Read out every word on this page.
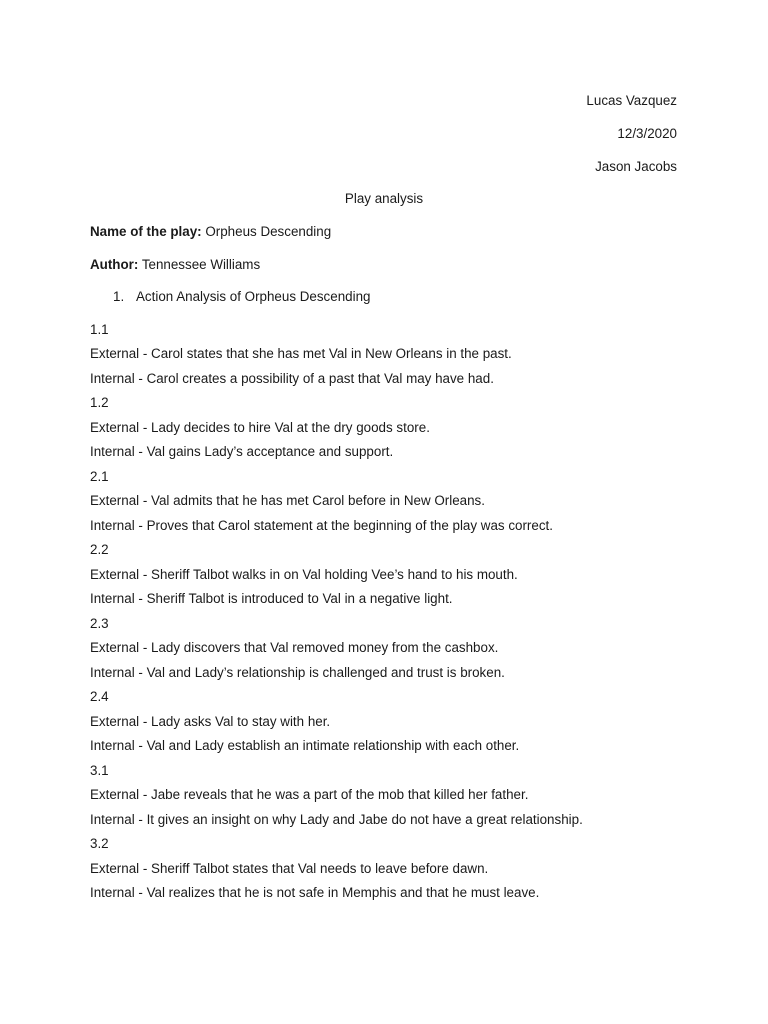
Lucas Vazquez
12/3/2020
Jason Jacobs
Play analysis
Name of the play: Orpheus Descending
Author: Tennessee Williams
1. Action Analysis of Orpheus Descending
1.1
External - Carol states that she has met Val in New Orleans in the past.
Internal - Carol creates a possibility of a past that Val may have had.
1.2
External - Lady decides to hire Val at the dry goods store.
Internal - Val gains Lady’s acceptance and support.
2.1
External - Val admits that he has met Carol before in New Orleans.
Internal - Proves that Carol statement at the beginning of the play was correct.
2.2
External - Sheriff Talbot walks in on Val holding Vee’s hand to his mouth.
Internal - Sheriff Talbot is introduced to Val in a negative light.
2.3
External - Lady discovers that Val removed money from the cashbox.
Internal - Val and Lady’s relationship is challenged and trust is broken.
2.4
External - Lady asks Val to stay with her.
Internal - Val and Lady establish an intimate relationship with each other.
3.1
External - Jabe reveals that he was a part of the mob that killed her father.
Internal - It gives an insight on why Lady and Jabe do not have a great relationship.
3.2
External - Sheriff Talbot states that Val needs to leave before dawn.
Internal - Val realizes that he is not safe in Memphis and that he must leave.
